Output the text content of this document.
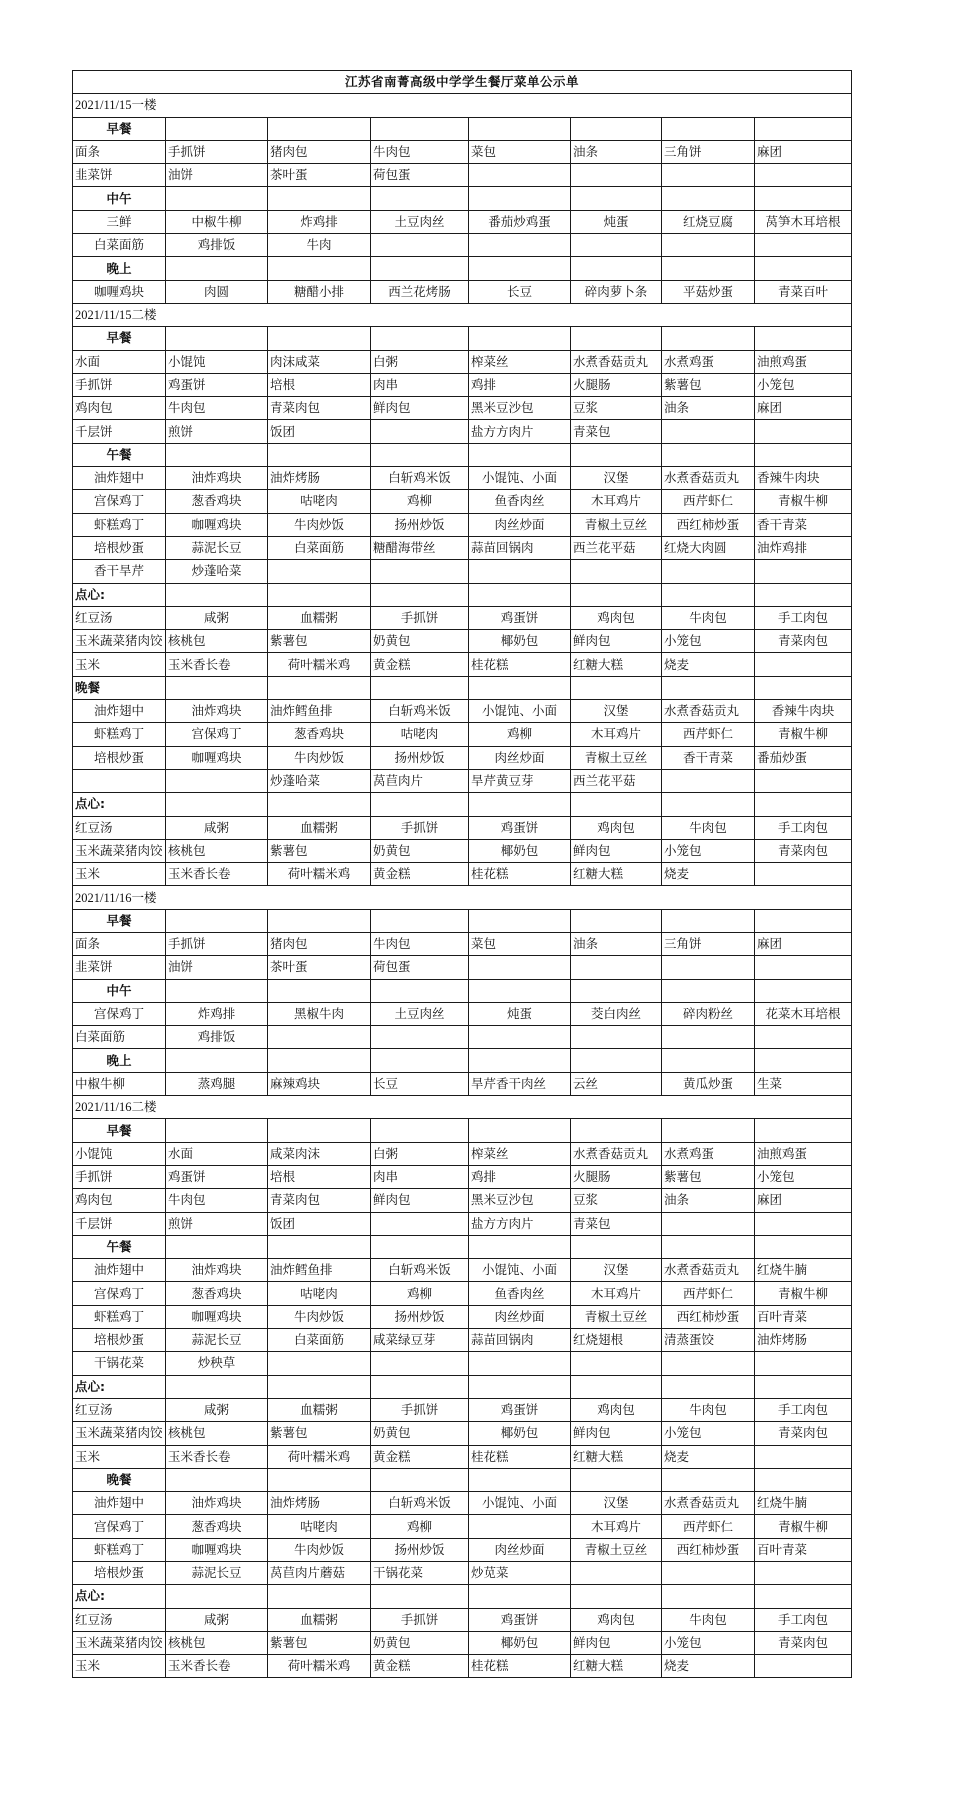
江苏省南菁高级中学学生餐厅菜单公示单							
2021/11/15一楼							
早餐							
面条	手抓饼	猪肉包	牛肉包	菜包	油条	三角饼	麻团
韭菜饼	油饼	茶叶蛋	荷包蛋				
中午							
三鲜	中椒牛柳	炸鸡排	土豆肉丝	番茄炒鸡蛋	炖蛋	红烧豆腐	莴笋木耳培根
白菜面筋	鸡排饭	牛肉					
晚上							
咖喱鸡块	肉圆	糖醋小排	西兰花烤肠	长豆	碎肉萝卜条	平菇炒蛋	青菜百叶
2021/11/15二楼							
早餐							
水面	小馄饨	肉沫咸菜	白粥	榨菜丝	水煮香菇贡丸	水煮鸡蛋	油煎鸡蛋
手抓饼	鸡蛋饼	培根	肉串	鸡排	火腿肠	紫薯包	小笼包
鸡肉包	牛肉包	青菜肉包	鲜肉包	黑米豆沙包	豆浆	油条	麻团
千层饼	煎饼	饭团		盐方方肉片	青菜包		
午餐							
油炸翅中	油炸鸡块	油炸烤肠	白斩鸡米饭	小馄饨、小面	汉堡	水煮香菇贡丸	香辣牛肉块
宫保鸡丁	葱香鸡块	咕咾肉	鸡柳	鱼香肉丝	木耳鸡片	西芹虾仁	青椒牛柳
虾糕鸡丁	咖喱鸡块	牛肉炒饭	扬州炒饭	肉丝炒面	青椒土豆丝	西红柿炒蛋	香干青菜
培根炒蛋	蒜泥长豆	白菜面筋	糖醋海带丝	蒜苗回锅肉	西兰花平菇	红烧大肉圆	油炸鸡排
香干旱芹	炒蓬哈菜						
点心:							
红豆汤	咸粥	血糯粥	手抓饼	鸡蛋饼	鸡肉包	牛肉包	手工肉包
玉米蔬菜猪肉饺	核桃包	紫薯包	奶黄包	椰奶包	鲜肉包	小笼包	青菜肉包
玉米	玉米香长卷	荷叶糯米鸡	黄金糕	桂花糕	红糖大糕	烧麦	
晚餐							
油炸翅中	油炸鸡块	油炸鳕鱼排	白斩鸡米饭	小馄饨、小面	汉堡	水煮香菇贡丸	香辣牛肉块
虾糕鸡丁	宫保鸡丁	葱香鸡块	咕咾肉	鸡柳	木耳鸡片	西芹虾仁	青椒牛柳
培根炒蛋	咖喱鸡块	牛肉炒饭	扬州炒饭	肉丝炒面	青椒土豆丝	香干青菜	番茄炒蛋
		炒蓬哈菜	莴苣肉片	旱芹黄豆芽	西兰花平菇		
点心:							
红豆汤	咸粥	血糯粥	手抓饼	鸡蛋饼	鸡肉包	牛肉包	手工肉包
玉米蔬菜猪肉饺	核桃包	紫薯包	奶黄包	椰奶包	鲜肉包	小笼包	青菜肉包
玉米	玉米香长卷	荷叶糯米鸡	黄金糕	桂花糕	红糖大糕	烧麦	
2021/11/16一楼							
早餐							
面条	手抓饼	猪肉包	牛肉包	菜包	油条	三角饼	麻团
韭菜饼	油饼	茶叶蛋	荷包蛋				
中午							
宫保鸡丁	炸鸡排	黑椒牛肉	土豆肉丝	炖蛋	茭白肉丝	碎肉粉丝	花菜木耳培根
白菜面筋	鸡排饭						
晚上							
中椒牛柳	蒸鸡腿	麻辣鸡块	长豆	旱芹香干肉丝	云丝	黄瓜炒蛋	生菜
2021/11/16二楼							
早餐							
小馄饨	水面	咸菜肉沫	白粥	榨菜丝	水煮香菇贡丸	水煮鸡蛋	油煎鸡蛋
手抓饼	鸡蛋饼	培根	肉串	鸡排	火腿肠	紫薯包	小笼包
鸡肉包	牛肉包	青菜肉包	鲜肉包	黑米豆沙包	豆浆	油条	麻团
千层饼	煎饼	饭团		盐方方肉片	青菜包		
午餐							
油炸翅中	油炸鸡块	油炸鳕鱼排	白斩鸡米饭	小馄饨、小面	汉堡	水煮香菇贡丸	红烧牛腩
宫保鸡丁	葱香鸡块	咕咾肉	鸡柳	鱼香肉丝	木耳鸡片	西芹虾仁	青椒牛柳
虾糕鸡丁	咖喱鸡块	牛肉炒饭	扬州炒饭	肉丝炒面	青椒土豆丝	西红柿炒蛋	百叶青菜
培根炒蛋	蒜泥长豆	白菜面筋	咸菜绿豆芽	蒜苗回锅肉	红烧翅根	清蒸蛋饺	油炸烤肠
干锅花菜	炒秧草						
点心:							
红豆汤	咸粥	血糯粥	手抓饼	鸡蛋饼	鸡肉包	牛肉包	手工肉包
玉米蔬菜猪肉饺	核桃包	紫薯包	奶黄包	椰奶包	鲜肉包	小笼包	青菜肉包
玉米	玉米香长卷	荷叶糯米鸡	黄金糕	桂花糕	红糖大糕	烧麦	
晚餐							
油炸翅中	油炸鸡块	油炸烤肠	白斩鸡米饭	小馄饨、小面	汉堡	水煮香菇贡丸	红烧牛腩
宫保鸡丁	葱香鸡块	咕咾肉	鸡柳		木耳鸡片	西芹虾仁	青椒牛柳
虾糕鸡丁	咖喱鸡块	牛肉炒饭	扬州炒饭	肉丝炒面	青椒土豆丝	西红柿炒蛋	百叶青菜
培根炒蛋	蒜泥长豆	莴苣肉片蘑菇	干锅花菜	炒苋菜			
点心:							
红豆汤	咸粥	血糯粥	手抓饼	鸡蛋饼	鸡肉包	牛肉包	手工肉包
玉米蔬菜猪肉饺	核桃包	紫薯包	奶黄包	椰奶包	鲜肉包	小笼包	青菜肉包
玉米	玉米香长卷	荷叶糯米鸡	黄金糕	桂花糕	红糖大糕	烧麦	
